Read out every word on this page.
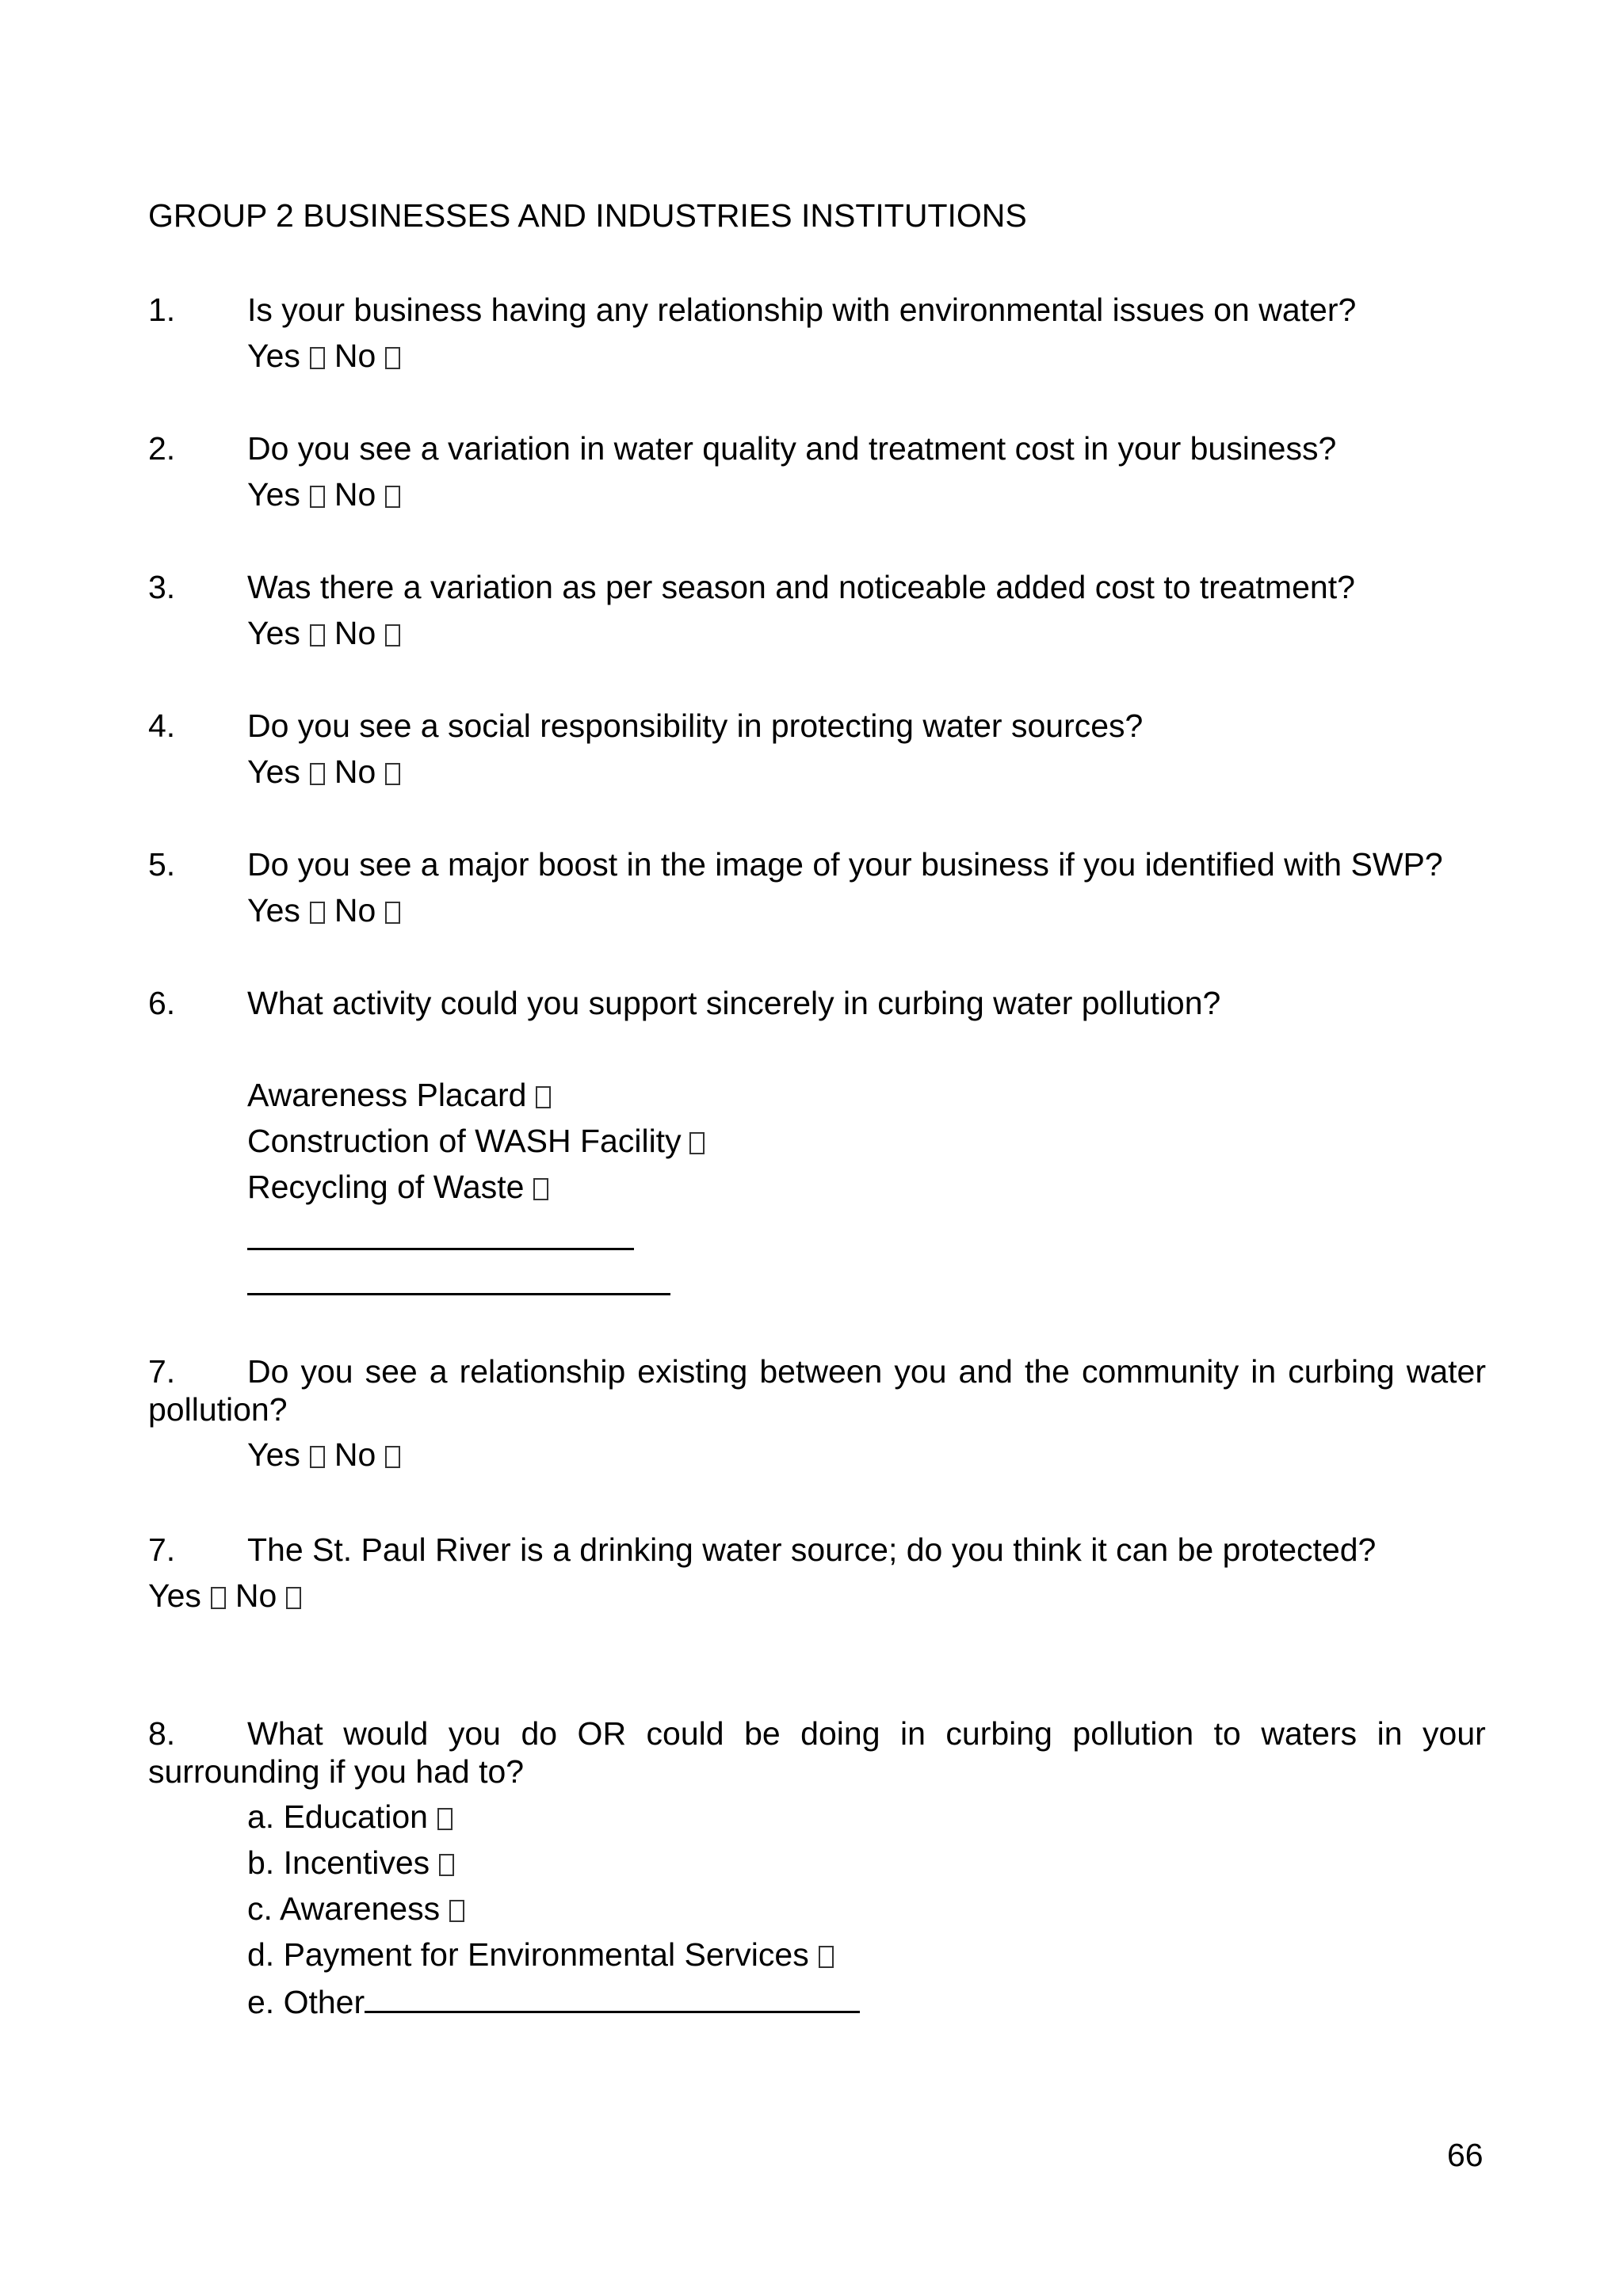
GROUP 2 BUSINESSES AND INDUSTRIES INSTITUTIONS
1. Is your business having any relationship with environmental issues on water?
Yes No
2. Do you see a variation in water quality and treatment cost in your business?
Yes No
3. Was there a variation as per season and noticeable added cost to treatment?
Yes No
4. Do you see a social responsibility in protecting water sources?
Yes No
5. Do you see a major boost in the image of your business if you identified with SWP?
Yes No
6. What activity could you support sincerely in curbing water pollution?
Awareness Placard
Construction of WASH Facility
Recycling of Waste
7.	Do you see a relationship existing between you and the community in curbing water
pollution?
Yes No
7. The St. Paul River is a drinking water source; do you think it can be protected?
Yes No
8.	What would you do OR could be doing in curbing pollution to waters in your
surrounding if you had to?
a. Education
b. Incentives
c. Awareness
d. Payment for Environmental Services
e. Other
66
